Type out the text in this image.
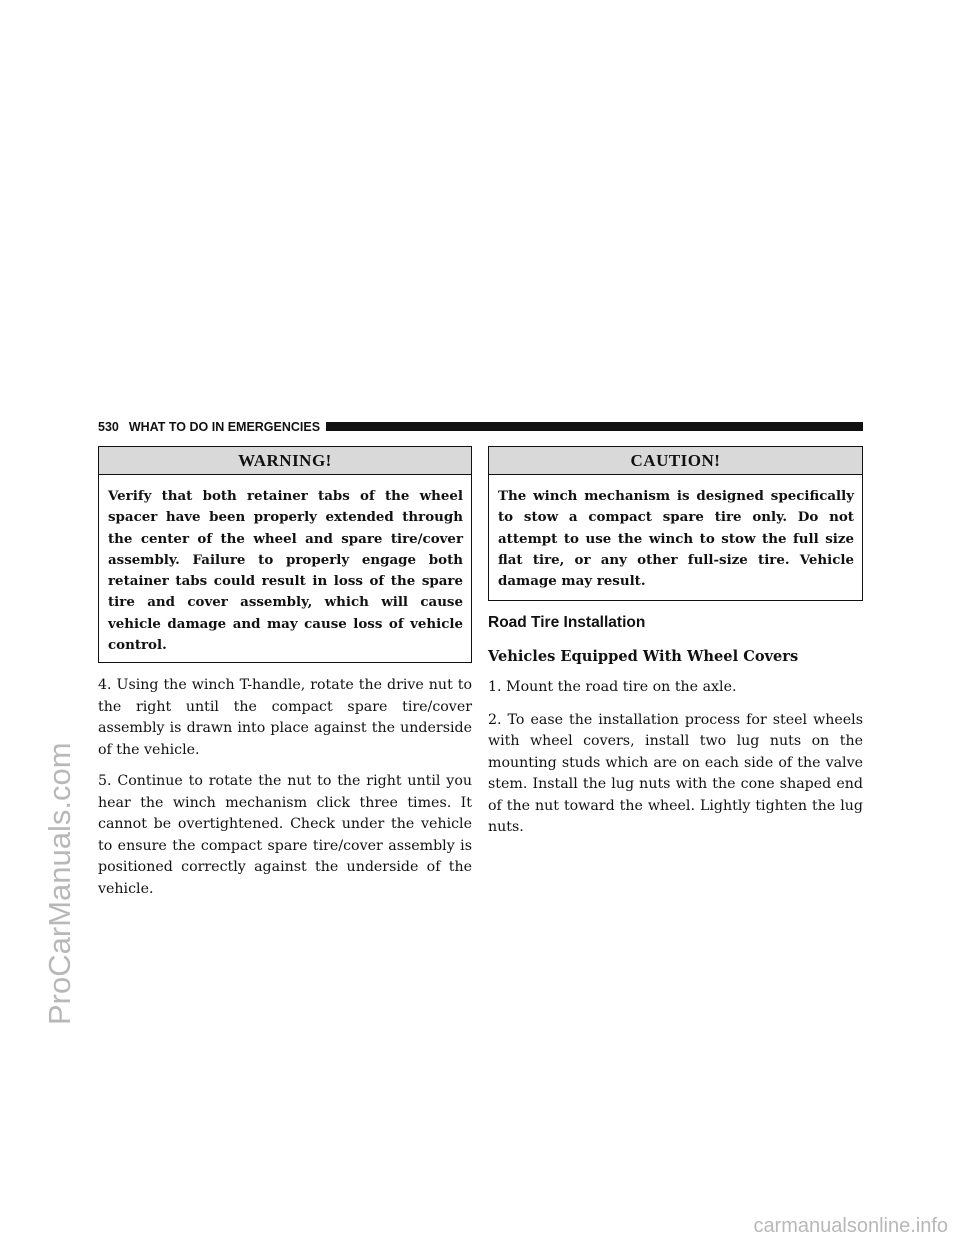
530 WHAT TO DO IN EMERGENCIES
WARNING!
Verify that both retainer tabs of the wheel spacer have been properly extended through the center of the wheel and spare tire/cover assembly. Failure to properly engage both retainer tabs could result in loss of the spare tire and cover assembly, which will cause vehicle damage and may cause loss of vehicle control.

4. Using the winch T-handle, rotate the drive nut to the right until the compact spare tire/cover assembly is drawn into place against the underside of the vehicle.

5. Continue to rotate the nut to the right until you hear the winch mechanism click three times. It cannot be overtightened. Check under the vehicle to ensure the compact spare tire/cover assembly is positioned correctly against the underside of the vehicle.

CAUTION!
The winch mechanism is designed specifically to stow a compact spare tire only. Do not attempt to use the winch to stow the full size flat tire, or any other full-size tire. Vehicle damage may result.
Road Tire Installation
Vehicles Equipped With Wheel Covers

1. Mount the road tire on the axle.

2. To ease the installation process for steel wheels with wheel covers, install two lug nuts on the mounting studs which are on each side of the valve stem. Install the lug nuts with the cone shaped end of the nut toward the wheel. Lightly tighten the lug nuts.

ProCarManuals.com
carmanualsonline.info
